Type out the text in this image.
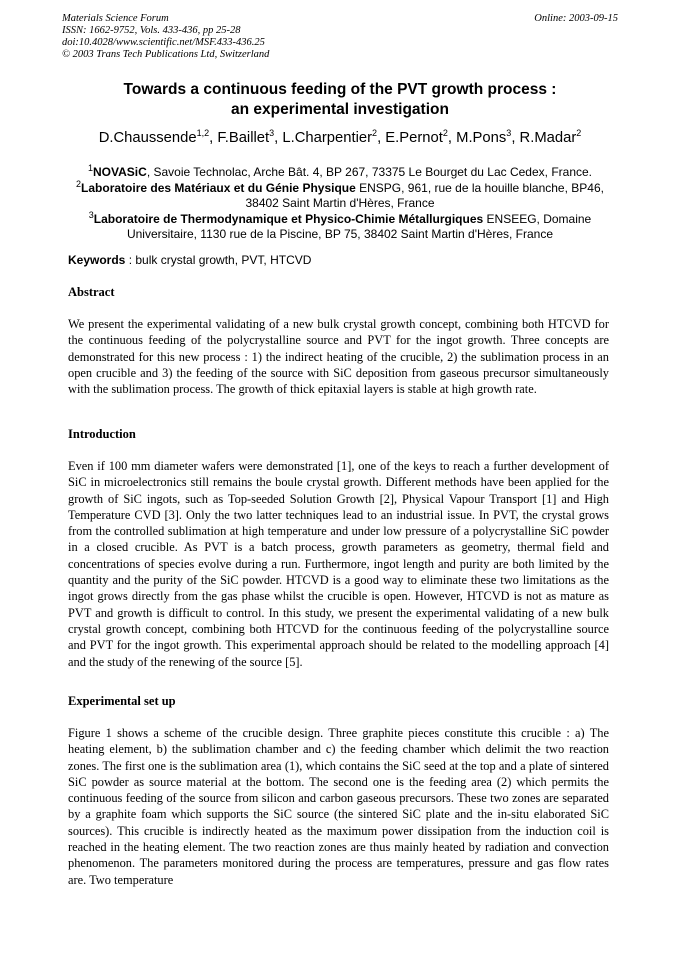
Materials Science Forum
ISSN: 1662-9752, Vols. 433-436, pp 25-28
doi:10.4028/www.scientific.net/MSF.433-436.25
© 2003 Trans Tech Publications Ltd, Switzerland
Online: 2003-09-15
Towards a continuous feeding of the PVT growth process :
an experimental investigation
D.Chaussende$^{1,2}$, F.Baillet$^3$, L.Charpentier$^2$, E.Pernot$^2$, M.Pons$^3$, R.Madar$^2$
$^1$NOVASiC, Savoie Technolac, Arche Bât. 4, BP 267, 73375 Le Bourget du Lac Cedex, France.
$^2$Laboratoire des Matériaux et du Génie Physique ENSPG, 961, rue de la houille blanche, BP46, 38402 Saint Martin d'Hères, France
$^3$Laboratoire de Thermodynamique et Physico-Chimie Métallurgiques ENSEEG, Domaine Universitaire, 1130 rue de la Piscine, BP 75, 38402 Saint Martin d'Hères, France
Keywords : bulk crystal growth, PVT, HTCVD
Abstract
We present the experimental validating of a new bulk crystal growth concept, combining both HTCVD for the continuous feeding of the polycrystalline source and PVT for the ingot growth. Three concepts are demonstrated for this new process : 1) the indirect heating of the crucible, 2) the sublimation process in an open crucible and 3) the feeding of the source with SiC deposition from gaseous precursor simultaneously with the sublimation process. The growth of thick epitaxial layers is stable at high growth rate.
Introduction
Even if 100 mm diameter wafers were demonstrated [1], one of the keys to reach a further development of SiC in microelectronics still remains the boule crystal growth. Different methods have been applied for the growth of SiC ingots, such as Top-seeded Solution Growth [2], Physical Vapour Transport [1] and High Temperature CVD [3]. Only the two latter techniques lead to an industrial issue. In PVT, the crystal grows from the controlled sublimation at high temperature and under low pressure of a polycrystalline SiC powder in a closed crucible. As PVT is a batch process, growth parameters as geometry, thermal field and concentrations of species evolve during a run. Furthermore, ingot length and purity are both limited by the quantity and the purity of the SiC powder. HTCVD is a good way to eliminate these two limitations as the ingot grows directly from the gas phase whilst the crucible is open. However, HTCVD is not as mature as PVT and growth is difficult to control. In this study, we present the experimental validating of a new bulk crystal growth concept, combining both HTCVD for the continuous feeding of the polycrystalline source and PVT for the ingot growth. This experimental approach should be related to the modelling approach [4] and the study of the renewing of the source [5].
Experimental set up
Figure 1 shows a scheme of the crucible design. Three graphite pieces constitute this crucible : a) The heating element, b) the sublimation chamber and c) the feeding chamber which delimit the two reaction zones. The first one is the sublimation area (1), which contains the SiC seed at the top and a plate of sintered SiC powder as source material at the bottom. The second one is the feeding area (2) which permits the continuous feeding of the source from silicon and carbon gaseous precursors. These two zones are separated by a graphite foam which supports the SiC source (the sintered SiC plate and the in-situ elaborated SiC sources). This crucible is indirectly heated as the maximum power dissipation from the induction coil is reached in the heating element. The two reaction zones are thus mainly heated by radiation and convection phenomenon. The parameters monitored during the process are temperatures, pressure and gas flow rates are. Two temperature
